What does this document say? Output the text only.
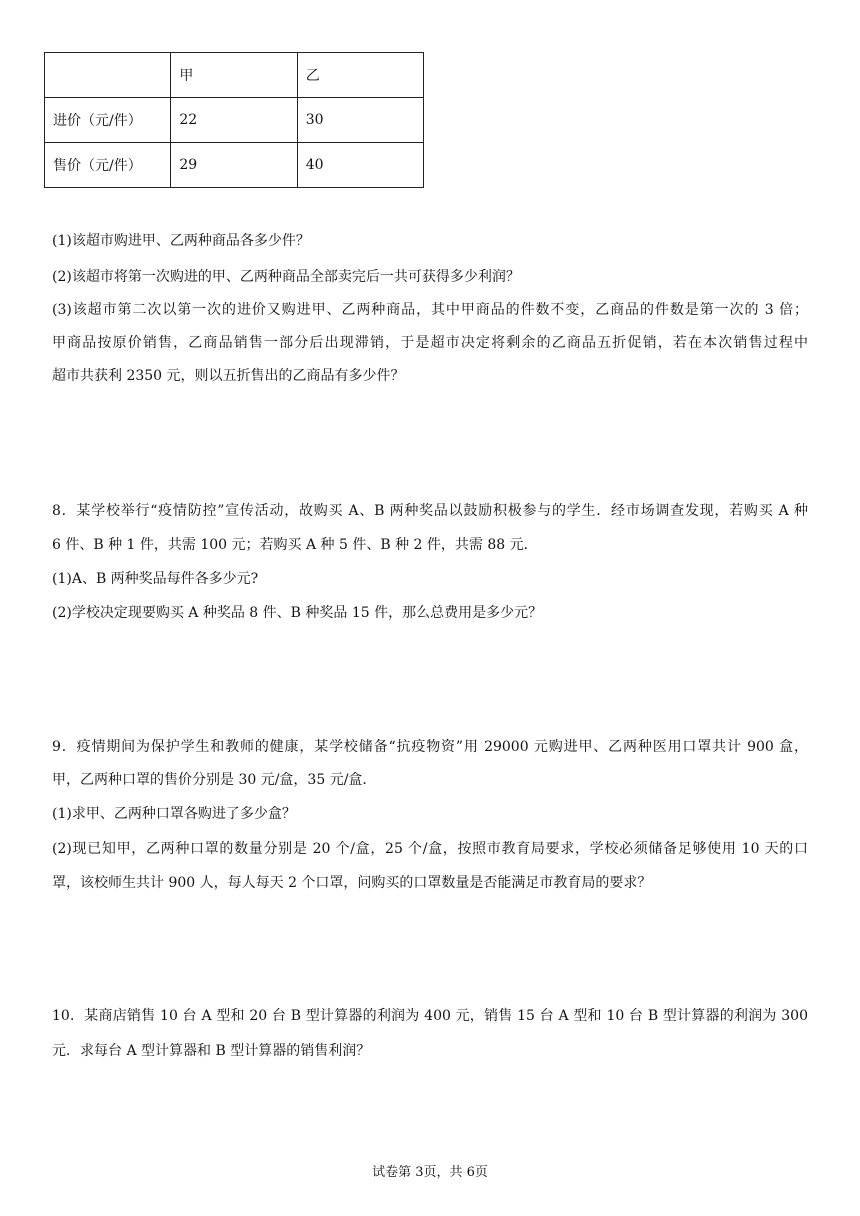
	甲	乙
进价（元/件）	22	30
售价（元/件）	29	40
(1)该超市购进甲、乙两种商品各多少件？
(2)该超市将第一次购进的甲、乙两种商品全部卖完后一共可获得多少利润？
(3)该超市第二次以第一次的进价又购进甲、乙两种商品，其中甲商品的件数不变，乙商品的件数是第一次的 3 倍；
甲商品按原价销售，乙商品销售一部分后出现滞销，于是超市决定将剩余的乙商品五折促销，若在本次销售过程中
超市共获利 2350 元，则以五折售出的乙商品有多少件？
8．某学校举行“疫情防控”宣传活动，故购买 A、B 两种奖品以鼓励积极参与的学生．经市场调查发现，若购买 A 种
6 件、B 种 1 件，共需 100 元；若购买 A 种 5 件、B 种 2 件，共需 88 元．
(1)A、B 两种奖品每件各多少元?
(2)学校决定现要购买 A 种奖品 8 件、B 种奖品 15 件，那么总费用是多少元？
9．疫情期间为保护学生和教师的健康，某学校储备“抗疫物资”用 29000 元购进甲、乙两种医用口罩共计 900 盒，
甲，乙两种口罩的售价分别是 30 元/盒，35 元/盒．
(1)求甲、乙两种口罩各购进了多少盒？
(2)现已知甲，乙两种口罩的数量分别是 20 个/盒，25 个/盒，按照市教育局要求，学校必须储备足够使用 10 天的口
罩，该校师生共计 900 人，每人每天 2 个口罩，问购买的口罩数量是否能满足市教育局的要求？
10．某商店销售 10 台 A 型和 20 台 B 型计算器的利润为 400 元，销售 15 台 A 型和 10 台 B 型计算器的利润为 300
元．求每台 A 型计算器和 B 型计算器的销售利润？
试卷第 3页，共 6页
